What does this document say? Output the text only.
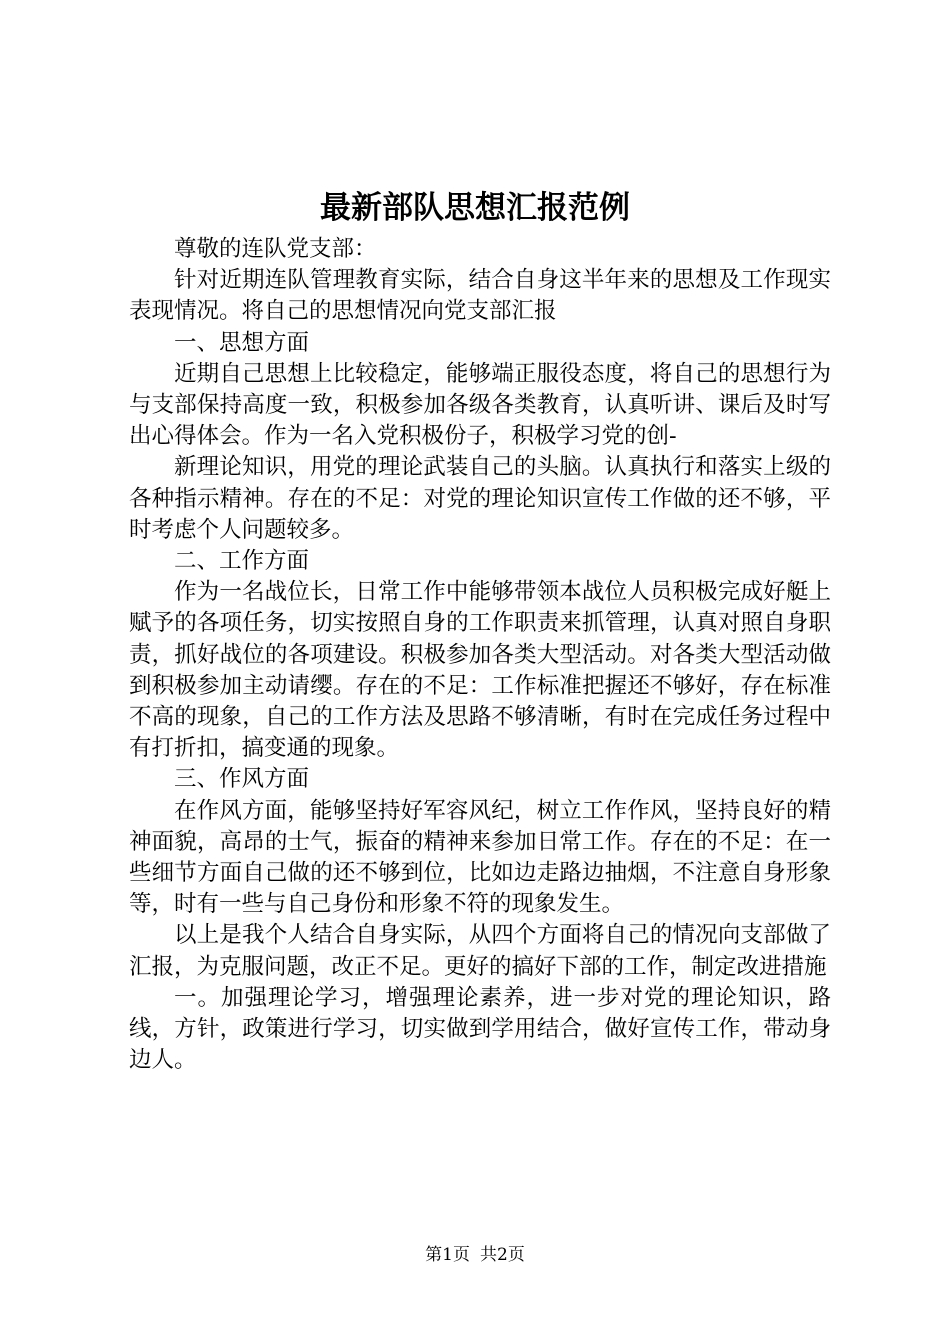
最新部队思想汇报范例

尊敬的连队党支部：

针对近期连队管理教育实际，结合自身这半年来的思想及工作现实表现情况。将自己的思想情况向党支部汇报

一、思想方面

近期自己思想上比较稳定，能够端正服役态度，将自己的思想行为与支部保持高度一致，积极参加各级各类教育，认真听讲、课后及时写出心得体会。作为一名入党积极份子，积极学习党的创-

新理论知识，用党的理论武装自己的头脑。认真执行和落实上级的各种指示精神。存在的不足：对党的理论知识宣传工作做的还不够，平时考虑个人问题较多。

二、工作方面

作为一名战位长，日常工作中能够带领本战位人员积极完成好艇上赋予的各项任务，切实按照自身的工作职责来抓管理，认真对照自身职责，抓好战位的各项建设。积极参加各类大型活动。对各类大型活动做到积极参加主动请缨。存在的不足：工作标准把握还不够好，存在标准不高的现象，自己的工作方法及思路不够清晰，有时在完成任务过程中有打折扣，搞变通的现象。

三、作风方面

在作风方面，能够坚持好军容风纪，树立工作作风，坚持良好的精神面貌，高昂的士气，振奋的精神来参加日常工作。存在的不足：在一些细节方面自己做的还不够到位，比如边走路边抽烟，不注意自身形象等，时有一些与自己身份和形象不符的现象发生。

以上是我个人结合自身实际，从四个方面将自己的情况向支部做了汇报，为克服问题，改正不足。更好的搞好下部的工作，制定改进措施

一。加强理论学习，增强理论素养，进一步对党的理论知识，路线，方针，政策进行学习，切实做到学用结合，做好宣传工作，带动身边人。

第1页 共2页
